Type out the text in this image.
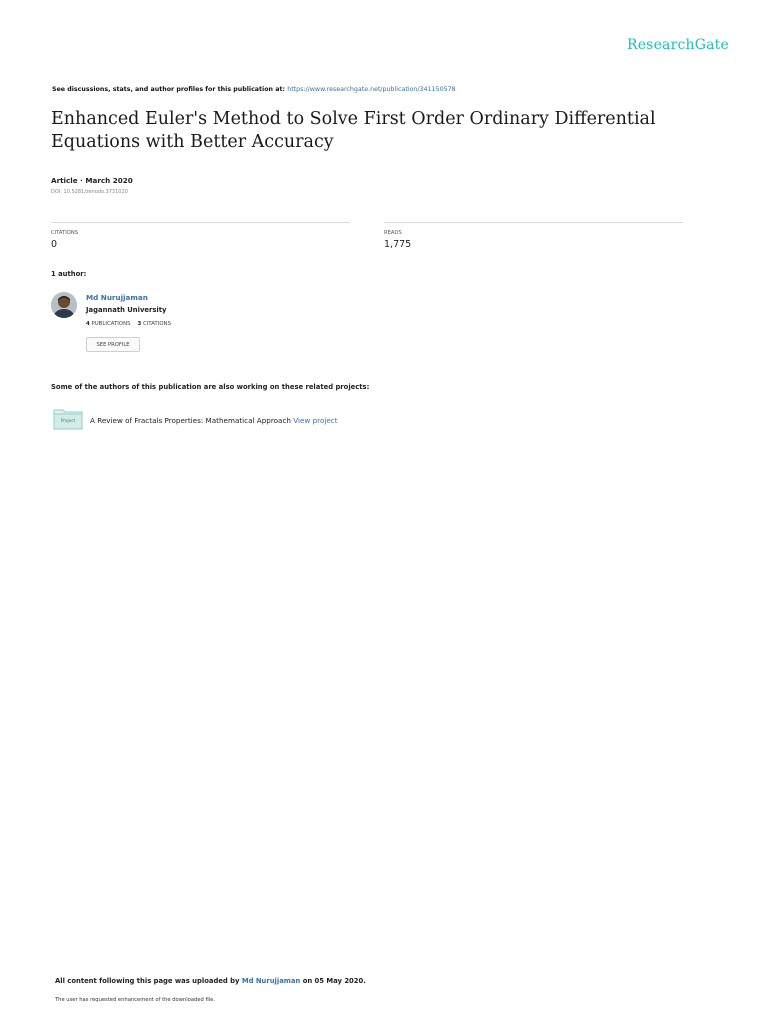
ResearchGate
See discussions, stats, and author profiles for this publication at: https://www.researchgate.net/publication/341150578
Enhanced Euler's Method to Solve First Order Ordinary Differential Equations with Better Accuracy
Article · March 2020
DOI: 10.5281/zenodo.3731020
CITATIONS
0
READS
1,775
1 author:
Md Nurujjaman
Jagannath University
4 PUBLICATIONS 3 CITATIONS
SEE PROFILE
Some of the authors of this publication are also working on these related projects:
Project	A Review of Fractals Properties: Mathematical Approach View project
All content following this page was uploaded by Md Nurujjaman on 05 May 2020.
The user has requested enhancement of the downloaded file.
